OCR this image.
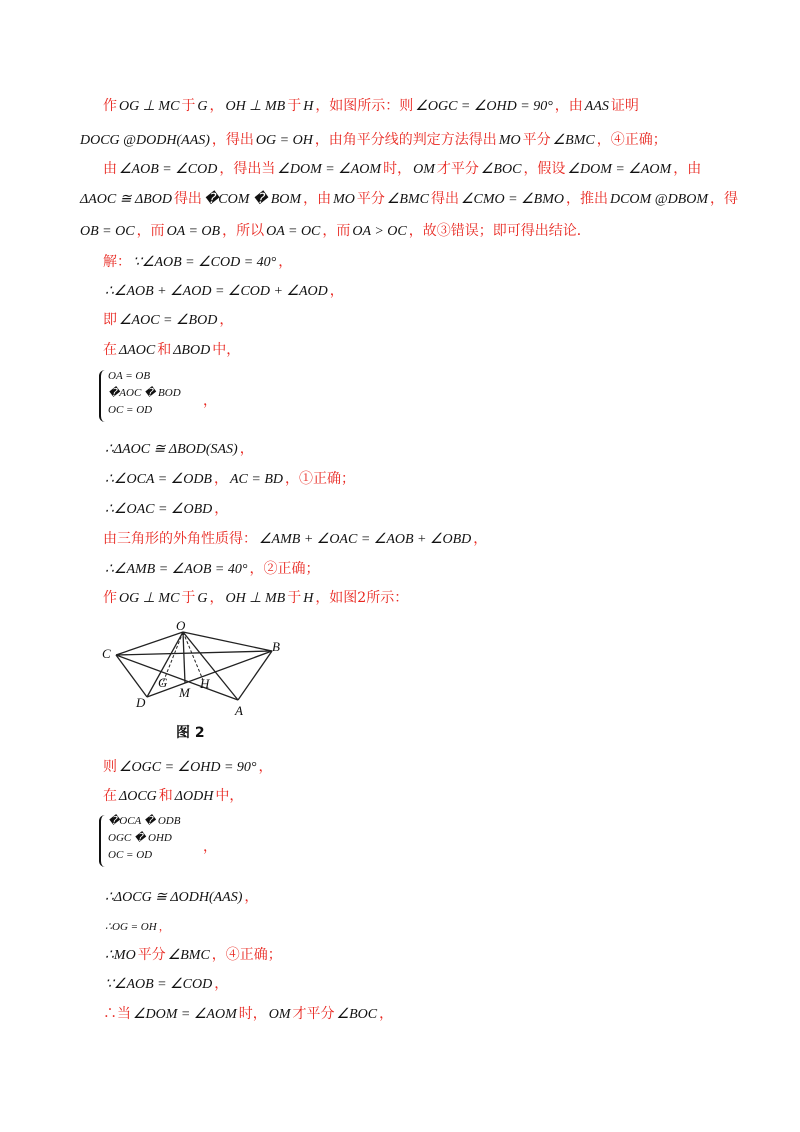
作 OG ⊥ MC 于 G ， OH ⊥ MB 于 H ，如图所示：则 ∠OGC = ∠OHD = 90° ，由 AAS 证明
DOCG @DODH(AAS) ，得出 OG = OH ，由角平分线的判定方法得出 MO 平分 ∠BMC ，④正确；
由 ∠AOB = ∠COD ，得出当 ∠DOM = ∠AOM 时， OM 才平分 ∠BOC ，假设 ∠DOM = ∠AOM ，由
ΔAOC ≅ ΔBOD 得出 �COM � BOM ，由 MO 平分 ∠BMC 得出 ∠CMO = ∠BMO ，推出 DCOM @DBOM ，得
OB = OC ，而 OA = OB ，所以 OA = OC ，而 OA > OC ，故③错误；即可得出结论．
解： ∵∠AOB = ∠COD = 40° ，
∴∠AOB + ∠AOD = ∠COD + ∠AOD ，
即 ∠AOC = ∠BOD ，
在 ΔAOC 和 ΔBOD 中，
OA = OB
�AOC � BOD
OC = OD
，
∴ΔAOC ≅ ΔBOD(SAS) ，
∴∠OCA = ∠ODB ， AC = BD ，①正确；
∴∠OAC = ∠OBD ，
由三角形的外角性质得： ∠AMB + ∠OAC = ∠AOB + ∠OBD ，
∴∠AMB = ∠AOB = 40° ，②正确；
作 OG ⊥ MC 于 G ， OH ⊥ MB 于 H ，如图2所示：
O
C	B
G	H
M
D
A
图 2
则 ∠OGC = ∠OHD = 90° ，
在 ΔOCG 和 ΔODH 中，
�OCA � ODB
OGC � OHD
OC = OD	，
∴ΔOCG ≅ ΔODH(AAS) ，
∴OG = OH ，
∴MO 平分 ∠BMC ，④正确；
∵∠AOB = ∠COD ，
∴当 ∠DOM = ∠AOM 时， OM 才平分 ∠BOC ，
